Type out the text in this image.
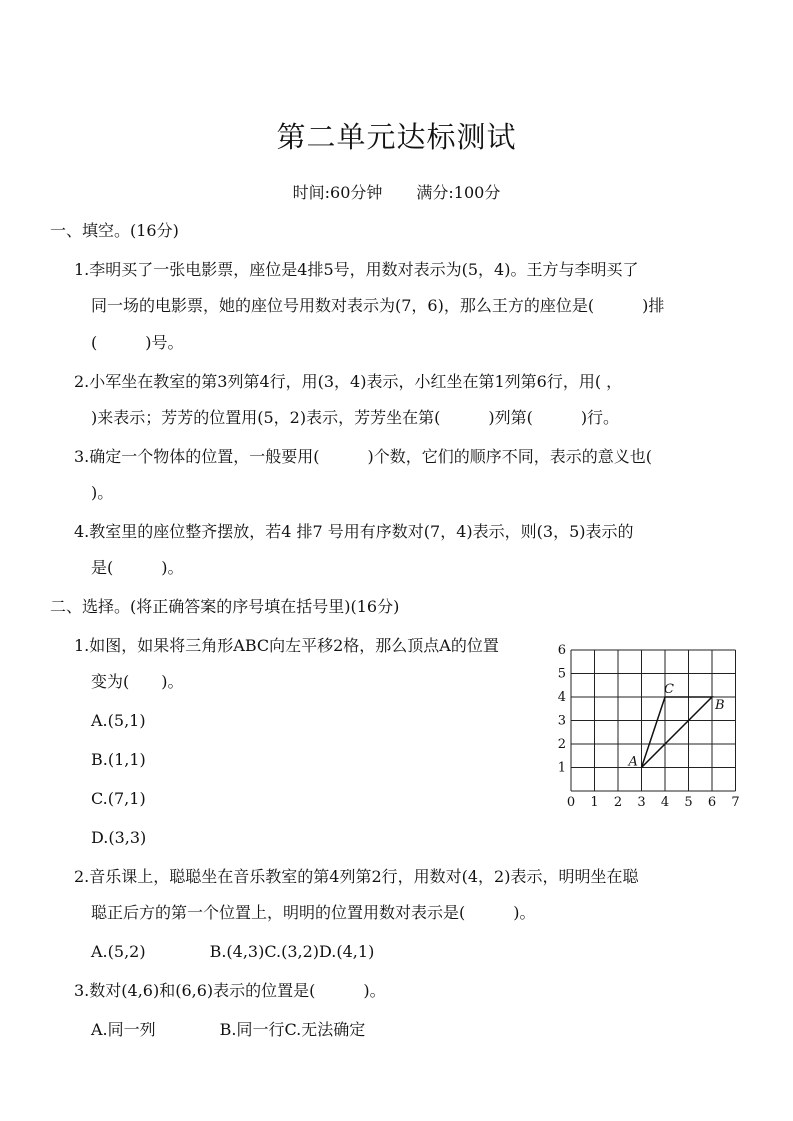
第二单元达标测试
时间:60分钟 满分:100分
一、填空。(16分)
1.李明买了一张电影票，座位是4排5号，用数对表示为(5，4)。王方与李明买了
同一场的电影票，她的座位号用数对表示为(7，6)，那么王方的座位是(　　　)排
(　　　)号。
2.小军坐在教室的第3列第4行，用(3，4)表示，小红坐在第1列第6行，用( ，
)来表示；芳芳的位置用(5，2)表示，芳芳坐在第(　　　)列第(　　　)行。
3.确定一个物体的位置，一般要用(　　　)个数，它们的顺序不同，表示的意义也(
)。
4.教室里的座位整齐摆放，若4 排7 号用有序数对(7，4)表示，则(3，5)表示的
是(　　　)。
二、选择。(将正确答案的序号填在括号里)(16分)
1.如图，如果将三角形ABC向左平移2格，那么顶点A的位置
变为(　　)。
A.(5,1)
B.(1,1)
C.(7,1)
D.(3,3)
2.音乐课上，聪聪坐在音乐教室的第4列第2行，用数对(4，2)表示，明明坐在聪
聪正后方的第一个位置上，明明的位置用数对表示是(　　　)。
A.(5,2)　　　　B.(4,3)C.(3,2)D.(4,1)
3.数对(4,6)和(6,6)表示的位置是(　　　)。
A.同一列　　　　B.同一行C.无法确定
0 1 2 3 4 5 6 7
1
2
3
4
5
6
A
B
C
